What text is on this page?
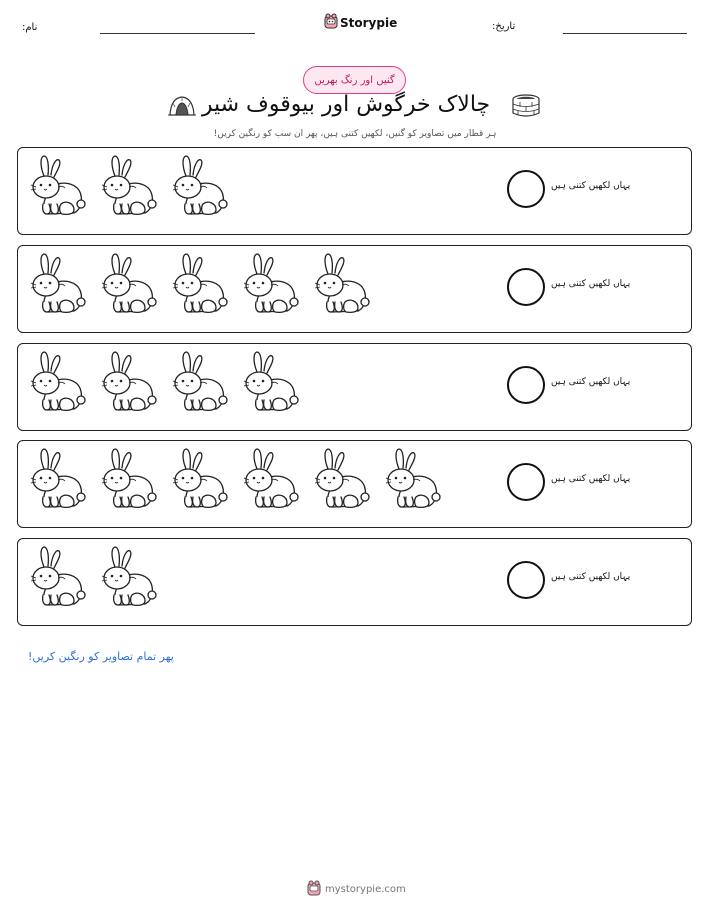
نام:	Storypie	تاریخ:
گنیں اور رنگ بھریں
چالاک خرگوش اور بیوقوف شیر
ہر قطار میں تصاویر کو گنیں، لکھیں کتنی ہیں، پھر ان سب کو رنگین کریں!
یہاں لکھیں کتنی ہیں
یہاں لکھیں کتنی ہیں
یہاں لکھیں کتنی ہیں
یہاں لکھیں کتنی ہیں
یہاں لکھیں کتنی ہیں
پھر تمام تصاویر کو رنگین کریں!
mystorypie.com
